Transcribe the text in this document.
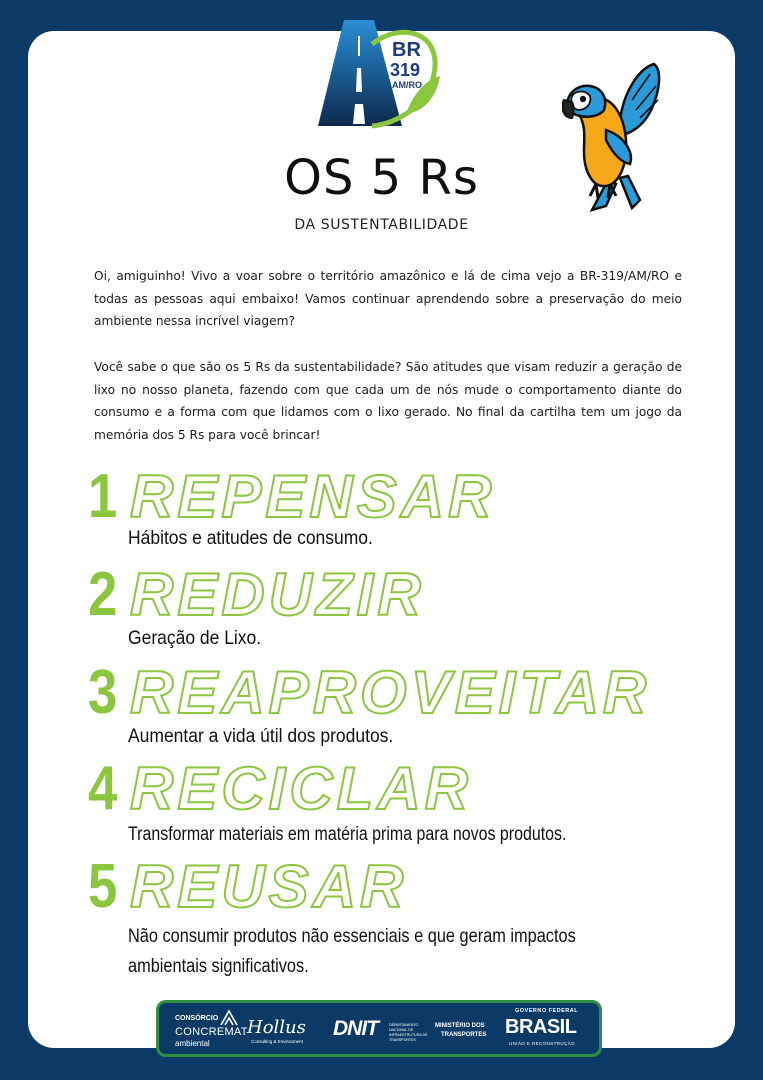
BR
319
AM/RO
OS 5 Rs
DA SUSTENTABILIDADE
Oi, amiguinho! Vivo a voar sobre o território amazônico e lá de cima vejo a BR-319/AM/RO e todas as pessoas aqui embaixo! Vamos continuar aprendendo sobre a preservação do meio ambiente nessa incrível viagem?
Você sabe o que são os 5 Rs da sustentabilidade? São atitudes que visam reduzir a geração de lixo no nosso planeta, fazendo com que cada um de nós mude o comportamento diante do consumo e a forma com que lidamos com o lixo gerado. No final da cartilha tem um jogo da memória dos 5 Rs para você brincar!
1 REPENSAR
Hábitos e atitudes de consumo.
2 REDUZIR
Geração de Lixo.
3 REAPROVEITAR
Aumentar a vida útil dos produtos.
4 RECICLAR
Transformar materiais em matéria prima para novos produtos.
5 REUSAR
Não consumir produtos não essenciais e que geram impactos
ambientais significativos.
CONSÓRCIO
CONCREMAT
ambiental
Hollus
Consulting & Environment
DNIT	DEPARTAMENTO NACIONAL DE INFRAESTRUTURA DE TRANSPORTES
MINISTÉRIO DOS
TRANSPORTES
GOVERNO FEDERAL
BRASIL
UNIÃO E RECONSTRUÇÃO
